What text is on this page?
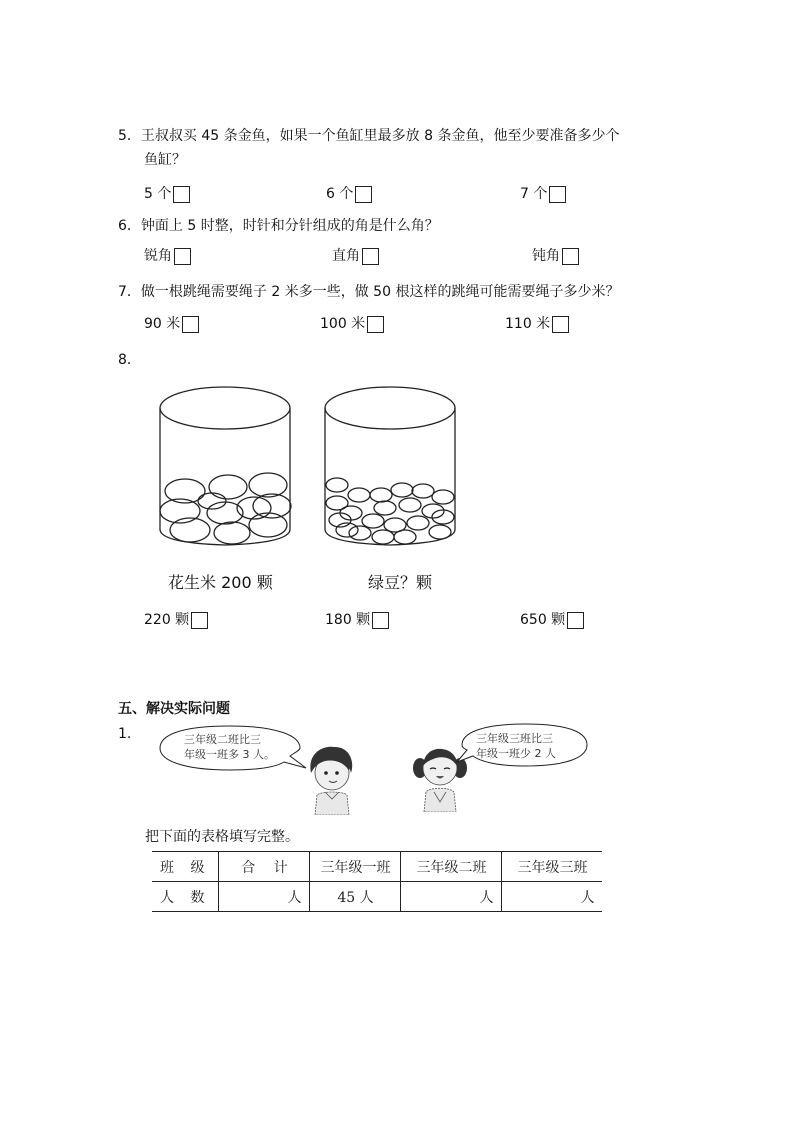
5．王叔叔买 45 条金鱼，如果一个鱼缸里最多放 8 条金鱼，他至少要准备多少个
鱼缸？
5 个	6 个	7 个
6．钟面上 5 时整，时针和分针组成的角是什么角？
锐角	直角	钝角
7．做一根跳绳需要绳子 2 米多一些，做 50 根这样的跳绳可能需要绳子多少米？
90 米	100 米	110 米
8．
花生米 200 颗	绿豆？颗
220 颗	180 颗	650 颗
五、解决实际问题
1.	三年级二班比三
年级一班多 3 人。
三年级三班比三
年级一班少 2 人
把下面的表格填写完整。
班 级	合　 计	三年级一班	三年级二班	三年级三班
人 数	人	45 人	人	人
